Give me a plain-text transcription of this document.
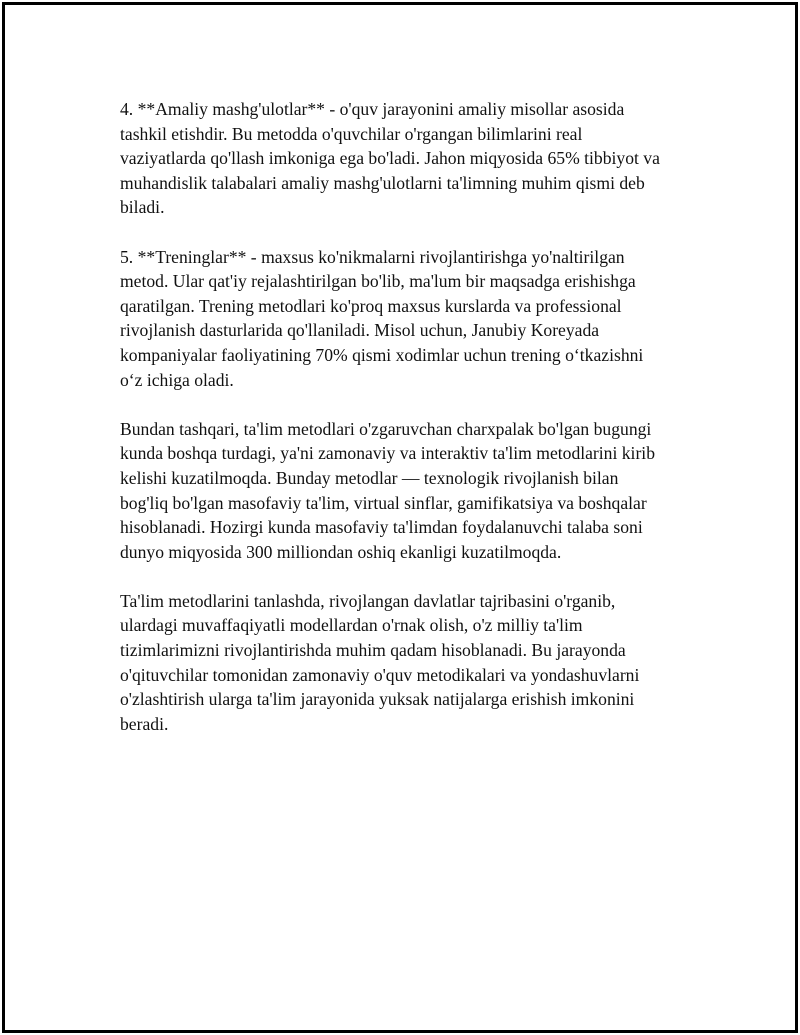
4. **Amaliy mashg'ulotlar** - o'quv jarayonini amaliy misollar asosida
tashkil etishdir. Bu metodda o'quvchilar o'rgangan bilimlarini real
vaziyatlarda qo'llash imkoniga ega bo'ladi. Jahon miqyosida 65% tibbiyot va
muhandislik talabalari amaliy mashg'ulotlarni ta'limning muhim qismi deb
biladi.

5. **Treninglar** - maxsus ko'nikmalarni rivojlantirishga yo'naltirilgan
metod. Ular qat'iy rejalashtirilgan bo'lib, ma'lum bir maqsadga erishishga
qaratilgan. Trening metodlari ko'proq maxsus kurslarda va professional
rivojlanish dasturlarida qo'llaniladi. Misol uchun, Janubiy Koreyada
kompaniyalar faoliyatining 70% qismi xodimlar uchun trening o‘tkazishni
o‘z ichiga oladi.

Bundan tashqari, ta'lim metodlari o'zgaruvchan charxpalak bo'lgan bugungi
kunda boshqa turdagi, ya'ni zamonaviy va interaktiv ta'lim metodlarini kirib
kelishi kuzatilmoqda. Bunday metodlar — texnologik rivojlanish bilan
bog'liq bo'lgan masofaviy ta'lim, virtual sinflar, gamifikatsiya va boshqalar
hisoblanadi. Hozirgi kunda masofaviy ta'limdan foydalanuvchi talaba soni
dunyo miqyosida 300 milliondan oshiq ekanligi kuzatilmoqda.

Ta'lim metodlarini tanlashda, rivojlangan davlatlar tajribasini o'rganib,
ulardagi muvaffaqiyatli modellardan o'rnak olish, o'z milliy ta'lim
tizimlarimizni rivojlantirishda muhim qadam hisoblanadi. Bu jarayonda
o'qituvchilar tomonidan zamonaviy o'quv metodikalari va yondashuvlarni
o'zlashtirish ularga ta'lim jarayonida yuksak natijalarga erishish imkonini
beradi.
